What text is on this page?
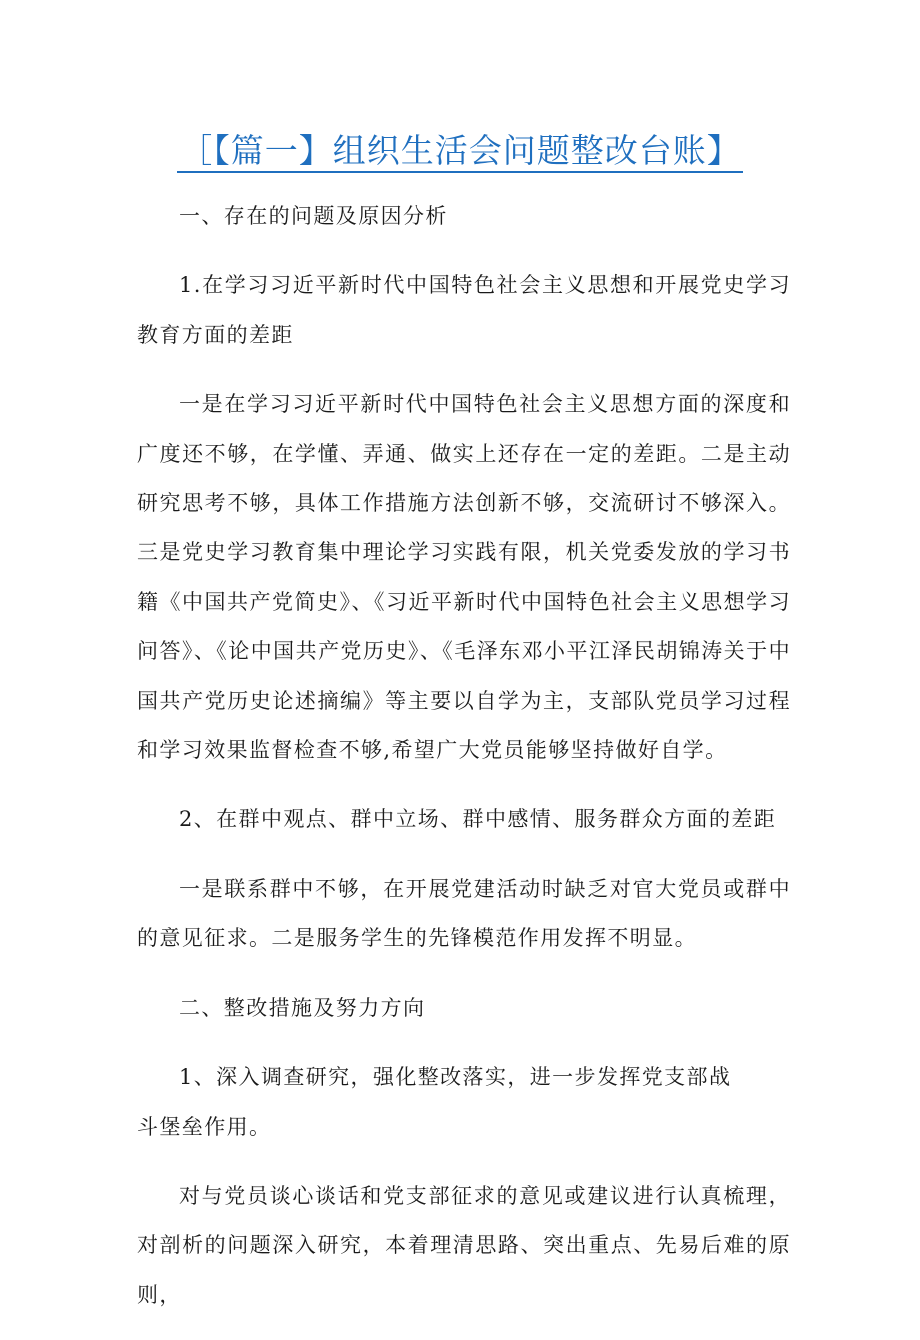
［【篇一】组织生活会问题整改台账】

一、存在的问题及原因分析

1.在学习习近平新时代中国特色社会主义思想和开展党史学习教育方面的差距

一是在学习习近平新时代中国特色社会主义思想方面的深度和广度还不够，在学懂、弄通、做实上还存在一定的差距。二是主动研究思考不够，具体工作措施方法创新不够，交流研讨不够深入。三是党史学习教育集中理论学习实践有限，机关党委发放的学习书籍《中国共产党简史》、《习近平新时代中国特色社会主义思想学习问答》、《论中国共产党历史》、《毛泽东邓小平江泽民胡锦涛关于中国共产党历史论述摘编》等主要以自学为主，支部队党员学习过程和学习效果监督检查不够,希望广大党员能够坚持做好自学。

2、在群中观点、群中立场、群中感情、服务群众方面的差距

一是联系群中不够，在开展党建活动时缺乏对官大党员或群中的意见征求。二是服务学生的先锋模范作用发挥不明显。

二、整改措施及努力方向

1、深入调查研究，强化整改落实，进一步发挥党支部战

斗堡垒作用。

对与党员谈心谈话和党支部征求的意见或建议进行认真梳理，对剖析的问题深入研究，本着理清思路、突出重点、先易后难的原则，
